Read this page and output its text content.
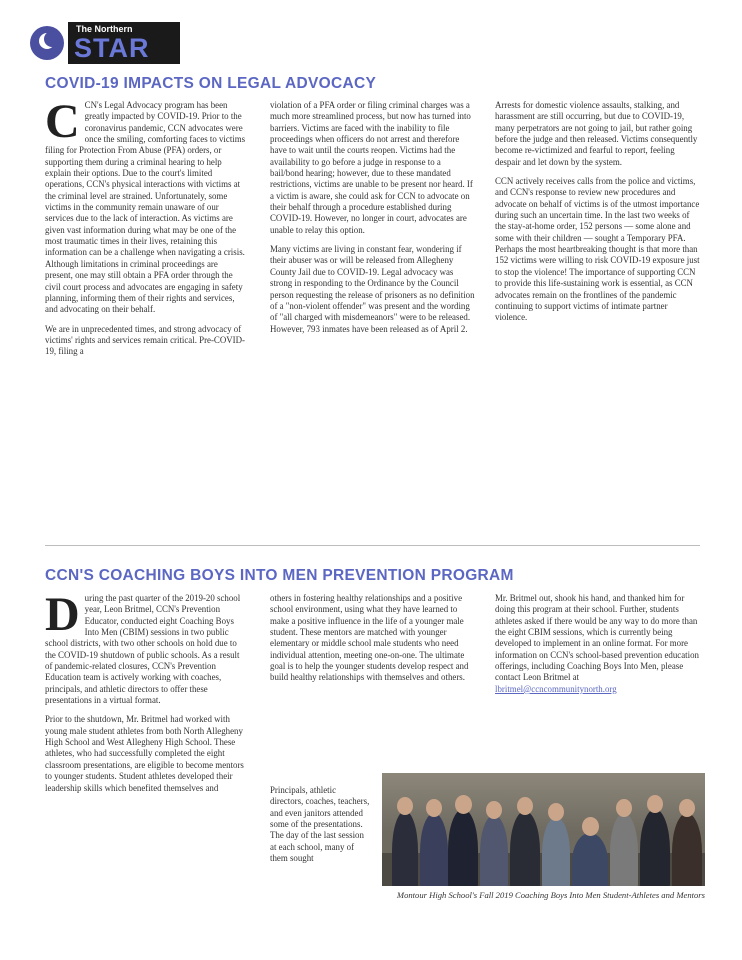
The Northern
STAR
COVID-19 IMPACTS ON LEGAL ADVOCACY

CCN's Legal Advocacy program has been greatly impacted by COVID-19. Prior to the coronavirus pandemic, CCN advocates were once the smiling, comforting faces to victims filing for Protection From Abuse (PFA) orders, or supporting them during a criminal hearing to help explain their options. Due to the court's limited operations, CCN's physical interactions with victims at the criminal level are strained. Unfortunately, some victims in the community remain unaware of our services due to the lack of interaction. As victims are given vast information during what may be one of the most traumatic times in their lives, retaining this information can be a challenge when navigating a crisis. Although limitations in criminal proceedings are present, one may still obtain a PFA order through the civil court process and advocates are engaging in safety planning, informing them of their rights and services, and advocating on their behalf.

We are in unprecedented times, and strong advocacy of victims' rights and services remain critical. Pre-COVID-19, filing a

violation of a PFA order or filing criminal charges was a much more streamlined process, but now has turned into barriers. Victims are faced with the inability to file proceedings when officers do not arrest and therefore have to wait until the courts reopen. Victims had the availability to go before a judge in response to a bail/bond hearing; however, due to these mandated restrictions, victims are unable to be present nor heard. If a victim is aware, she could ask for CCN to advocate on their behalf through a procedure established during COVID-19. However, no longer in court, advocates are unable to relay this option.

Many victims are living in constant fear, wondering if their abuser was or will be released from Allegheny County Jail due to COVID-19. Legal advocacy was strong in responding to the Ordinance by the Council person requesting the release of prisoners as no definition of a "non-violent offender" was present and the wording of "all charged with misdemeanors" were to be released. However, 793 inmates have been released as of April 2.

Arrests for domestic violence assaults, stalking, and harassment are still occurring, but due to COVID-19, many perpetrators are not going to jail, but rather going before the judge and then released. Victims consequently become re-victimized and fearful to report, feeling despair and let down by the system.

CCN actively receives calls from the police and victims, and CCN's response to review new procedures and advocate on behalf of victims is of the utmost importance during such an uncertain time. In the last two weeks of the stay-at-home order, 152 persons — some alone and some with their children — sought a Temporary PFA. Perhaps the most heartbreaking thought is that more than 152 victims were willing to risk COVID-19 exposure just to stop the violence! The importance of supporting CCN to provide this life-sustaining work is essential, as CCN advocates remain on the frontlines of the pandemic continuing to support victims of intimate partner violence.

CCN'S COACHING BOYS INTO MEN PREVENTION PROGRAM

During the past quarter of the 2019-20 school year, Leon Britmel, CCN's Prevention Educator, conducted eight Coaching Boys Into Men (CBIM) sessions in two public school districts, with two other schools on hold due to the COVID-19 shutdown of public schools. As a result of pandemic-related closures, CCN's Prevention Education team is actively working with coaches, principals, and athletic directors to offer these presentations in a virtual format.

Prior to the shutdown, Mr. Britmel had worked with young male student athletes from both North Allegheny High School and West Allegheny High School. These athletes, who had successfully completed the eight classroom presentations, are eligible to become mentors to younger students. Student athletes developed their leadership skills which benefited themselves and

others in fostering healthy relationships and a positive school environment, using what they have learned to make a positive influence in the life of a younger male student. These mentors are matched with younger elementary or middle school male students who need individual attention, meeting one-on-one. The ultimate goal is to help the younger students develop respect and build healthy relationships with themselves and others.

Principals, athletic directors, coaches, teachers, and even janitors attended some of the presentations. The day of the last session at each school, many of them sought

Mr. Britmel out, shook his hand, and thanked him for doing this program at their school. Further, students athletes asked if there would be any way to do more than the eight CBIM sessions, which is currently being developed to implement in an online format. For more information on CCN's school-based prevention education offerings, including Coaching Boys Into Men, please contact Leon Britmel at lbritmel@ccncommunitynorth.org

Montour High School's Fall 2019 Coaching Boys Into Men Student-Athletes and Mentors
